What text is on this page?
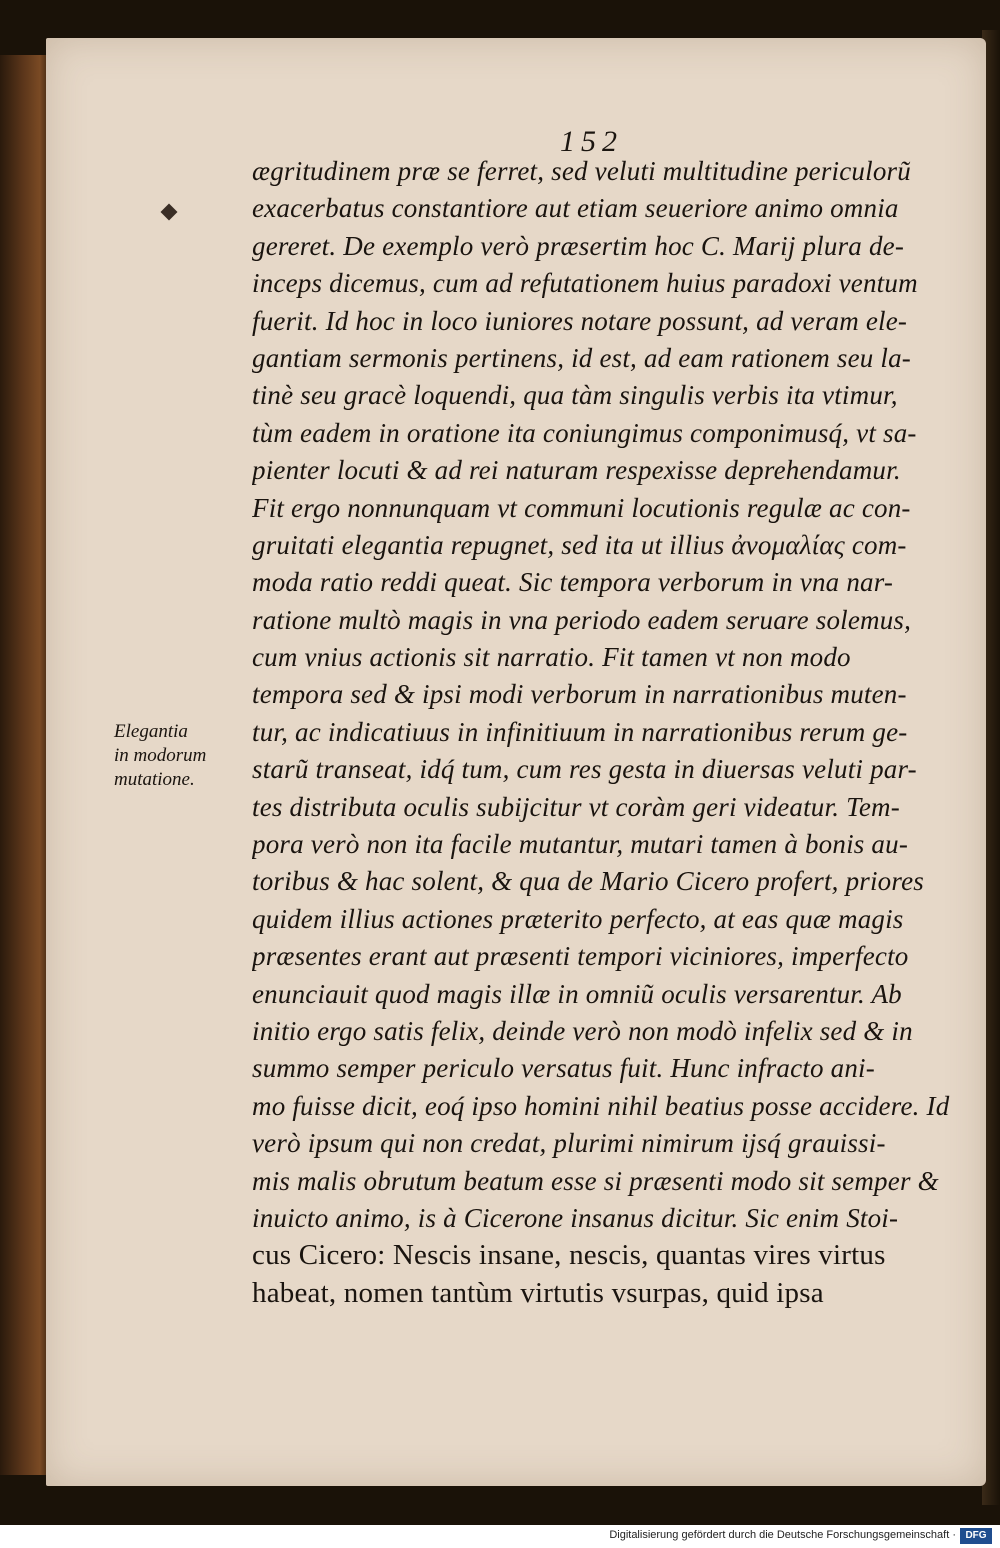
152
ægritudinem præ se ferret, sed veluti multitudine periculorũ
exacerbatus constantiore aut etiam seueriore animo omnia
gereret. De exemplo verò præsertim hoc C. Marij plura de-
inceps dicemus, cum ad refutationem huius paradoxi ventum
fuerit. Id hoc in loco iuniores notare possunt, ad veram ele-
gantiam sermonis pertinens, id est, ad eam rationem seu la-
tinè seu gracè loquendi, qua tàm singulis verbis ita vtimur,
tùm eadem in oratione ita coniungimus componimusq́, vt sa-
pienter locuti & ad rei naturam respexisse deprehendamur.
Fit ergo nonnunquam vt communi locutionis regulæ ac con-
gruitati elegantia repugnet, sed ita ut illius ἀνομαλίας com-
moda ratio reddi queat. Sic tempora verborum in vna nar-
ratione multò magis in vna periodo eadem seruare solemus,
cum vnius actionis sit narratio. Fit tamen vt non modo
tempora sed & ipsi modi verborum in narrationibus muten-
tur, ac indicatiuus in infinitiuum in narrationibus rerum ge-
starũ transeat, idq́ tum, cum res gesta in diuersas veluti par-
tes distributa oculis subijcitur vt coràm geri videatur. Tem-
pora verò non ita facile mutantur, mutari tamen à bonis au-
toribus & hac solent, & qua de Mario Cicero profert, priores
quidem illius actiones præterito perfecto, at eas quæ magis
præsentes erant aut præsenti tempori viciniores, imperfecto
enunciauit quod magis illæ in omniũ oculis versarentur. Ab
initio ergo satis felix, deinde verò non modò infelix sed & in
summo semper periculo versatus fuit. Hunc infracto ani-
mo fuisse dicit, eoq́ ipso homini nihil beatius posse accidere. Id
verò ipsum qui non credat, plurimi nimirum ijsq́ grauissi-
mis malis obrutum beatum esse si præsenti modo sit semper &
inuicto animo, is à Cicerone insanus dicitur. Sic enim Stoi-
cus Cicero: Nescis insane, nescis, quantas vires virtus
habeat, nomen tantùm virtutis vsurpas, quid ipsa
Elegantia
in modorum
mutatione.
Digitalisierung gefördert durch die Deutsche Forschungsgemeinschaft · DFG
